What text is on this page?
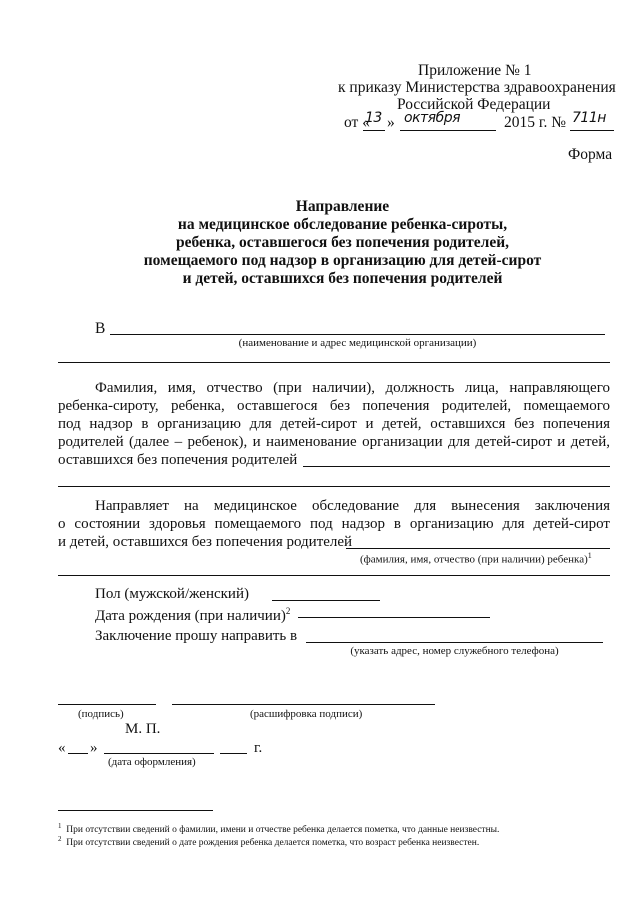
Приложение № 1
к приказу Министерства здравоохранения
Российской Федерации
от «
13 » октября	2015 г. № 711н
Форма
Направление
на медицинское обследование ребенка-сироты,
ребенка, оставшегося без попечения родителей,
помещаемого под надзор в организацию для детей-сирот
и детей, оставшихся без попечения родителей
В
(наименование и адрес медицинской организации)
Фамилия, имя, отчество (при наличии), должность лица, направляющего
ребенка-сироту, ребенка, оставшегося без попечения родителей, помещаемого
под надзор в организацию для детей-сирот и детей, оставшихся без попечения
родителей (далее – ребенок), и наименование организации для детей-сирот и детей,
оставшихся без попечения родителей
Направляет на медицинское обследование для вынесения заключения
о состоянии здоровья помещаемого под надзор в организацию для детей-сирот
и детей, оставшихся без попечения родителей
(фамилия, имя, отчество (при наличии) ребенка)$^1$
Пол (мужской/женский)
Дата рождения (при наличии)$^2$
Заключение прошу направить в
(указать адрес, номер служебного телефона)
(подпись)	(расшифровка подписи)
М. П.
« »	г.
(дата оформления)
$^1$ При отсутствии сведений о фамилии, имени и отчестве ребенка делается пометка, что данные неизвестны.
$^2$ При отсутствии сведений о дате рождения ребенка делается пометка, что возраст ребенка неизвестен.
